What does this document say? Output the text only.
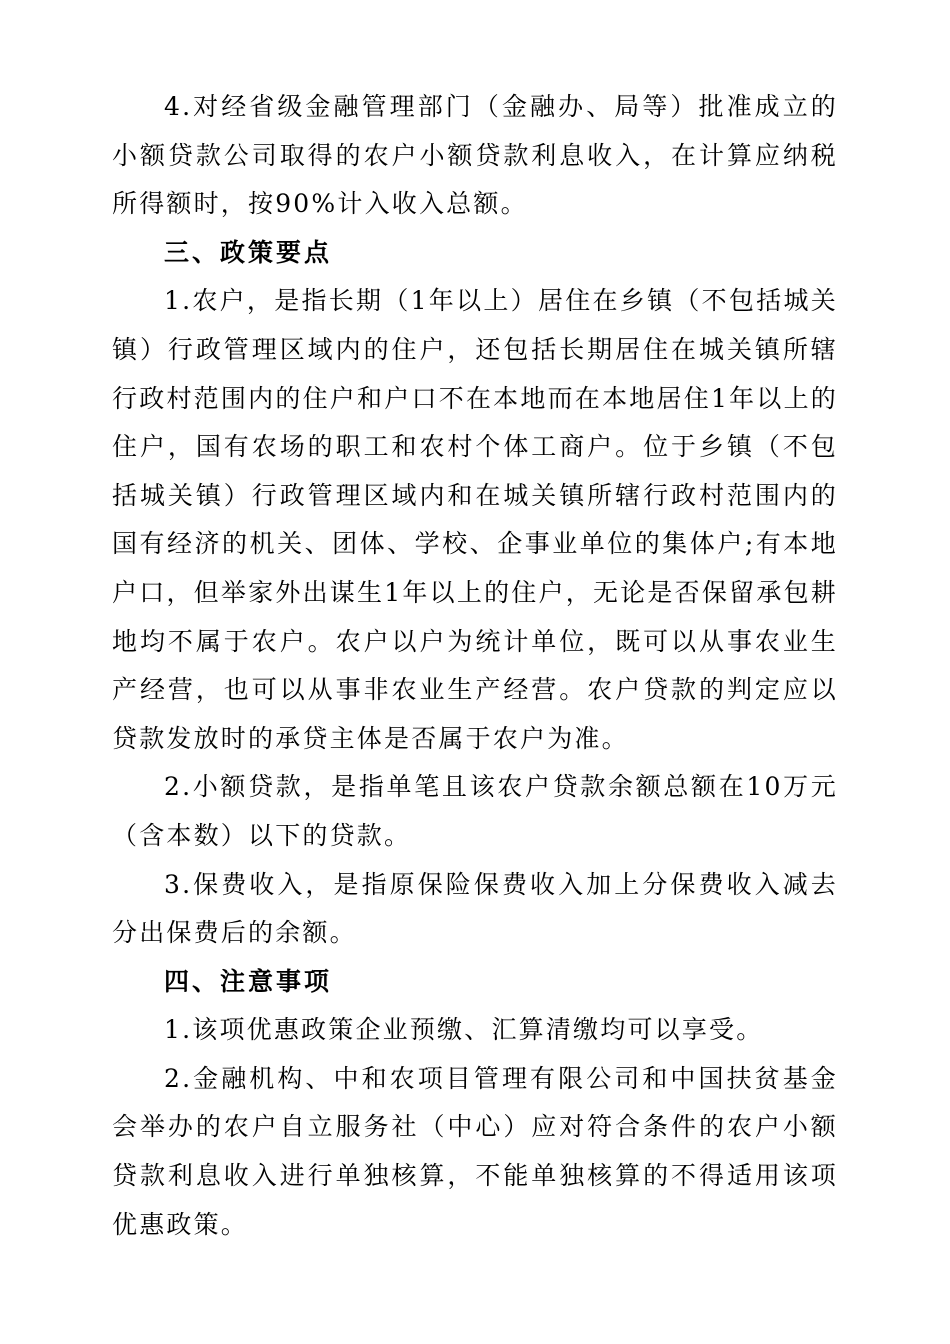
4.对经省级金融管理部门（金融办、局等）批准成立的小额贷款公司取得的农户小额贷款利息收入，在计算应纳税所得额时，按90%计入收入总额。

三、政策要点

1.农户，是指长期（1年以上）居住在乡镇（不包括城关镇）行政管理区域内的住户，还包括长期居住在城关镇所辖行政村范围内的住户和户口不在本地而在本地居住1年以上的住户，国有农场的职工和农村个体工商户。位于乡镇（不包括城关镇）行政管理区域内和在城关镇所辖行政村范围内的国有经济的机关、团体、学校、企事业单位的集体户;有本地户口，但举家外出谋生1年以上的住户，无论是否保留承包耕地均不属于农户。农户以户为统计单位，既可以从事农业生产经营，也可以从事非农业生产经营。农户贷款的判定应以贷款发放时的承贷主体是否属于农户为准。

2.小额贷款，是指单笔且该农户贷款余额总额在10万元（含本数）以下的贷款。

3.保费收入，是指原保险保费收入加上分保费收入减去分出保费后的余额。

四、注意事项

1.该项优惠政策企业预缴、汇算清缴均可以享受。

2.金融机构、中和农项目管理有限公司和中国扶贫基金会举办的农户自立服务社（中心）应对符合条件的农户小额贷款利息收入进行单独核算，不能单独核算的不得适用该项优惠政策。
